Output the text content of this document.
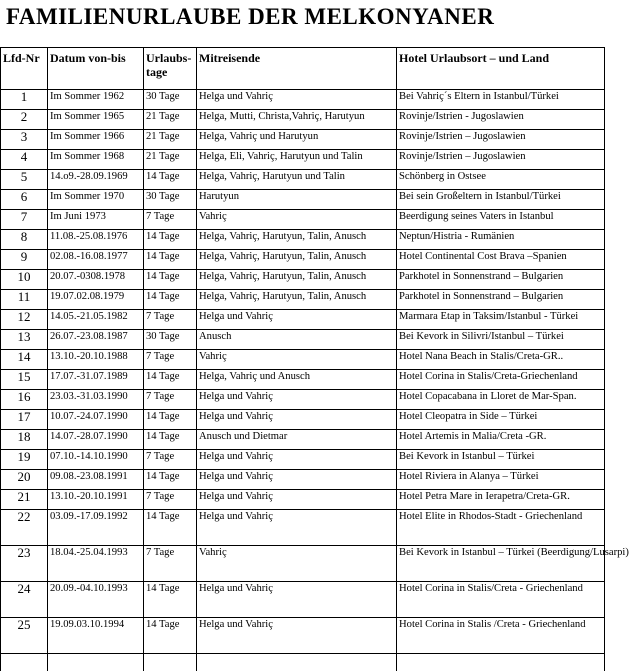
FAMILIENURLAUBE DER MELKONYANER
Lfd-Nr	Datum von-bis	Urlaubs-tage	Mitreisende	Hotel Urlaubsort – und Land
1	Im Sommer 1962	30 Tage	Helga und Vahriç	Bei Vahriç´s Eltern in Istanbul/Türkei
2	Im Sommer 1965	21 Tage	Helga, Mutti, Christa,Vahriç, Harutyun	Rovinje/Istrien - Jugoslawien
3	Im Sommer 1966	21 Tage	Helga, Vahriç und Harutyun	Rovinje/Istrien – Jugoslawien
4	Im Sommer 1968	21 Tage	Helga, Eli, Vahriç, Harutyun und Talin	Rovinje/Istrien – Jugoslawien
5	14.o9.-28.09.1969	14 Tage	Helga, Vahriç, Harutyun und Talin	Schönberg in Ostsee
6	Im Sommer 1970	30 Tage	Harutyun	Bei sein Großeltern in Istanbul/Türkei
7	Im Juni 1973	7 Tage	Vahriç	Beerdigung seines Vaters in Istanbul
8	11.08.-25.08.1976	14 Tage	Helga, Vahriç, Harutyun, Talin, Anusch	Neptun/Histria - Rumänien
9	02.08.-16.08.1977	14 Tage	Helga, Vahriç, Harutyun, Talin, Anusch	Hotel Continental Cost Brava –Spanien
10	20.07.-0308.1978	14 Tage	Helga, Vahriç, Harutyun, Talin, Anusch	Parkhotel in Sonnenstrand – Bulgarien
11	19.07.02.08.1979	14 Tage	Helga, Vahriç, Harutyun, Talin, Anusch	Parkhotel in Sonnenstrand – Bulgarien
12	14.05.-21.05.1982	7 Tage	Helga und Vahriç	Marmara Etap in Taksim/Istanbul - Türkei
13	26.07.-23.08.1987	30 Tage	Anusch	Bei Kevork in Silivri/Istanbul – Türkei
14	13.10.-20.10.1988	7 Tage	Vahriç	Hotel Nana Beach in Stalis/Creta-GR..
15	17.07.-31.07.1989	14 Tage	Helga, Vahriç und Anusch	Hotel Corina in Stalis/Creta-Griechenland
16	23.03.-31.03.1990	7 Tage	Helga und Vahriç	Hotel Copacabana in Lloret de Mar-Span.
17	10.07.-24.07.1990	14 Tage	Helga und Vahriç	Hotel Cleopatra in Side – Türkei
18	14.07.-28.07.1990	14 Tage	Anusch und Dietmar	Hotel Artemis in Malia/Creta -GR.
19	07.10.-14.10.1990	7 Tage	Helga und Vahriç	Bei Kevork in Istanbul – Türkei
20	09.08.-23.08.1991	14 Tage	Helga und Vahriç	Hotel Riviera in Alanya – Türkei
21	13.10.-20.10.1991	7 Tage	Helga und Vahriç	Hotel Petra Mare in Ierapetra/Creta-GR.
22	03.09.-17.09.1992	14 Tage	Helga und Vahriç	Hotel Elite in Rhodos-Stadt - Griechenland
23	18.04.-25.04.1993	7 Tage	Vahriç	Bei Kevork in Istanbul – Türkei (Beerdigung/Lusarpi)
24	20.09.-04.10.1993	14 Tage	Helga und Vahriç	Hotel Corina in Stalis/Creta - Griechenland
25	19.09.03.10.1994	14 Tage	Helga und Vahriç	Hotel Corina in Stalis /Creta - Griechenland
